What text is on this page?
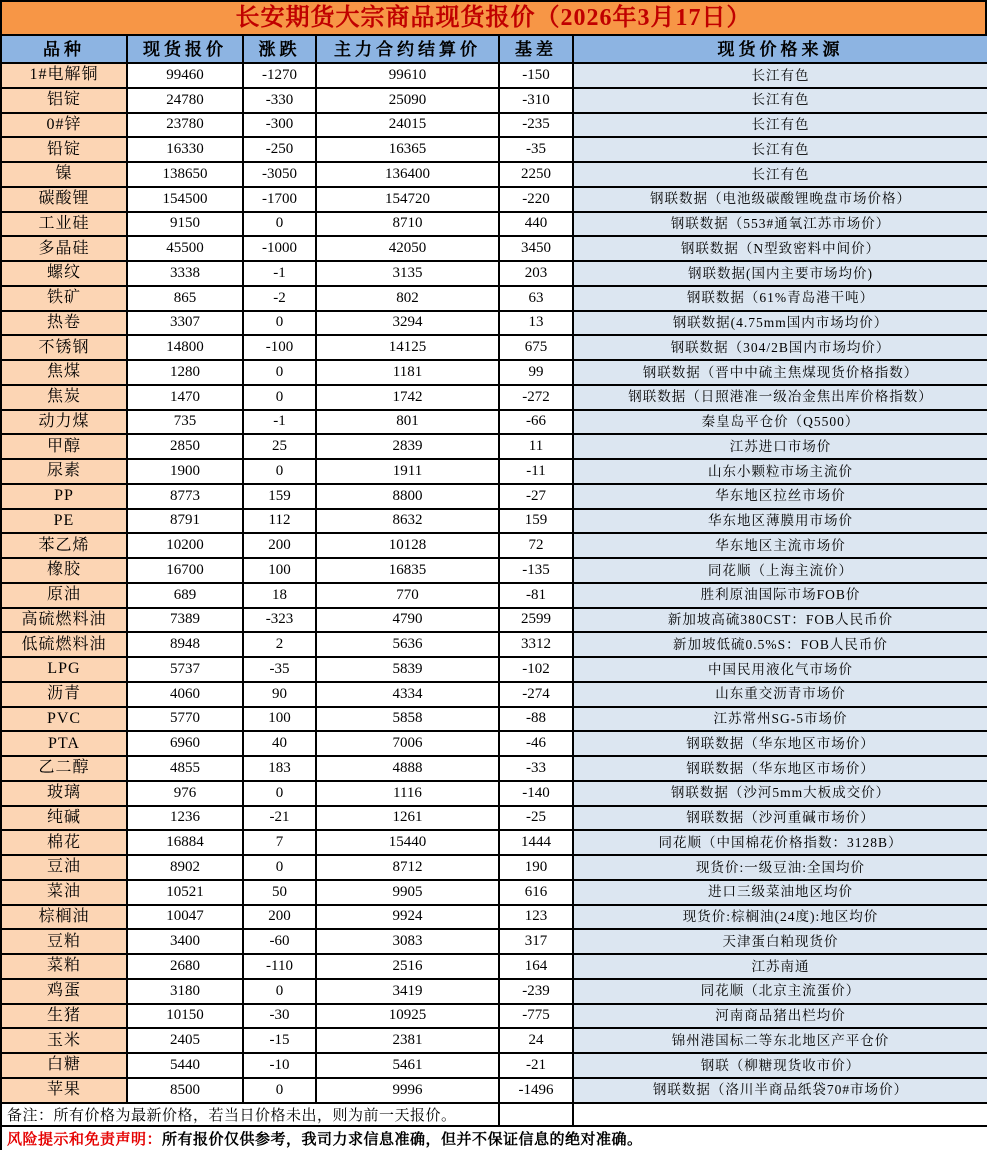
长安期货大宗商品现货报价（2026年3月17日）
品种	现货报价	涨跌	主力合约结算价	基差	现货价格来源
1#电解铜	99460	-1270	99610	-150	长江有色
铝锭	24780	-330	25090	-310	长江有色
0#锌	23780	-300	24015	-235	长江有色
铅锭	16330	-250	16365	-35	长江有色
镍	138650	-3050	136400	2250	长江有色
碳酸锂	154500	-1700	154720	-220	钢联数据（电池级碳酸锂晚盘市场价格）
工业硅	9150	0	8710	440	钢联数据（553#通氧江苏市场价）
多晶硅	45500	-1000	42050	3450	钢联数据（N型致密料中间价）
螺纹	3338	-1	3135	203	钢联数据(国内主要市场均价)
铁矿	865	-2	802	63	钢联数据（61%青岛港干吨）
热卷	3307	0	3294	13	钢联数据(4.75mm国内市场均价）
不锈钢	14800	-100	14125	675	钢联数据（304/2B国内市场均价）
焦煤	1280	0	1181	99	钢联数据（晋中中硫主焦煤现货价格指数）
焦炭	1470	0	1742	-272	钢联数据（日照港准一级冶金焦出库价格指数）
动力煤	735	-1	801	-66	秦皇岛平仓价（Q5500）
甲醇	2850	25	2839	11	江苏进口市场价
尿素	1900	0	1911	-11	山东小颗粒市场主流价
PP	8773	159	8800	-27	华东地区拉丝市场价
PE	8791	112	8632	159	华东地区薄膜用市场价
苯乙烯	10200	200	10128	72	华东地区主流市场价
橡胶	16700	100	16835	-135	同花顺（上海主流价）
原油	689	18	770	-81	胜利原油国际市场FOB价
高硫燃料油	7389	-323	4790	2599	新加坡高硫380CST：FOB人民币价
低硫燃料油	8948	2	5636	3312	新加坡低硫0.5%S：FOB人民币价
LPG	5737	-35	5839	-102	中国民用液化气市场价
沥青	4060	90	4334	-274	山东重交沥青市场价
PVC	5770	100	5858	-88	江苏常州SG-5市场价
PTA	6960	40	7006	-46	钢联数据（华东地区市场价）
乙二醇	4855	183	4888	-33	钢联数据（华东地区市场价）
玻璃	976	0	1116	-140	钢联数据（沙河5mm大板成交价）
纯碱	1236	-21	1261	-25	钢联数据（沙河重碱市场价）
棉花	16884	7	15440	1444	同花顺（中国棉花价格指数：3128B）
豆油	8902	0	8712	190	现货价:一级豆油:全国均价
菜油	10521	50	9905	616	进口三级菜油地区均价
棕榈油	10047	200	9924	123	现货价:棕榈油(24度):地区均价
豆粕	3400	-60	3083	317	天津蛋白粕现货价
菜粕	2680	-110	2516	164	江苏南通
鸡蛋	3180	0	3419	-239	同花顺（北京主流蛋价）
生猪	10150	-30	10925	-775	河南商品猪出栏均价
玉米	2405	-15	2381	24	锦州港国标二等东北地区产平仓价
白糖	5440	-10	5461	-21	钢联（柳糖现货收市价）
苹果	8500	0	9996	-1496	钢联数据（洛川半商品纸袋70#市场价）
备注：所有价格为最新价格，若当日价格未出，则为前一天报价。					
风险提示和免责声明：所有报价仅供参考，我司力求信息准确，但并不保证信息的绝对准确。					
